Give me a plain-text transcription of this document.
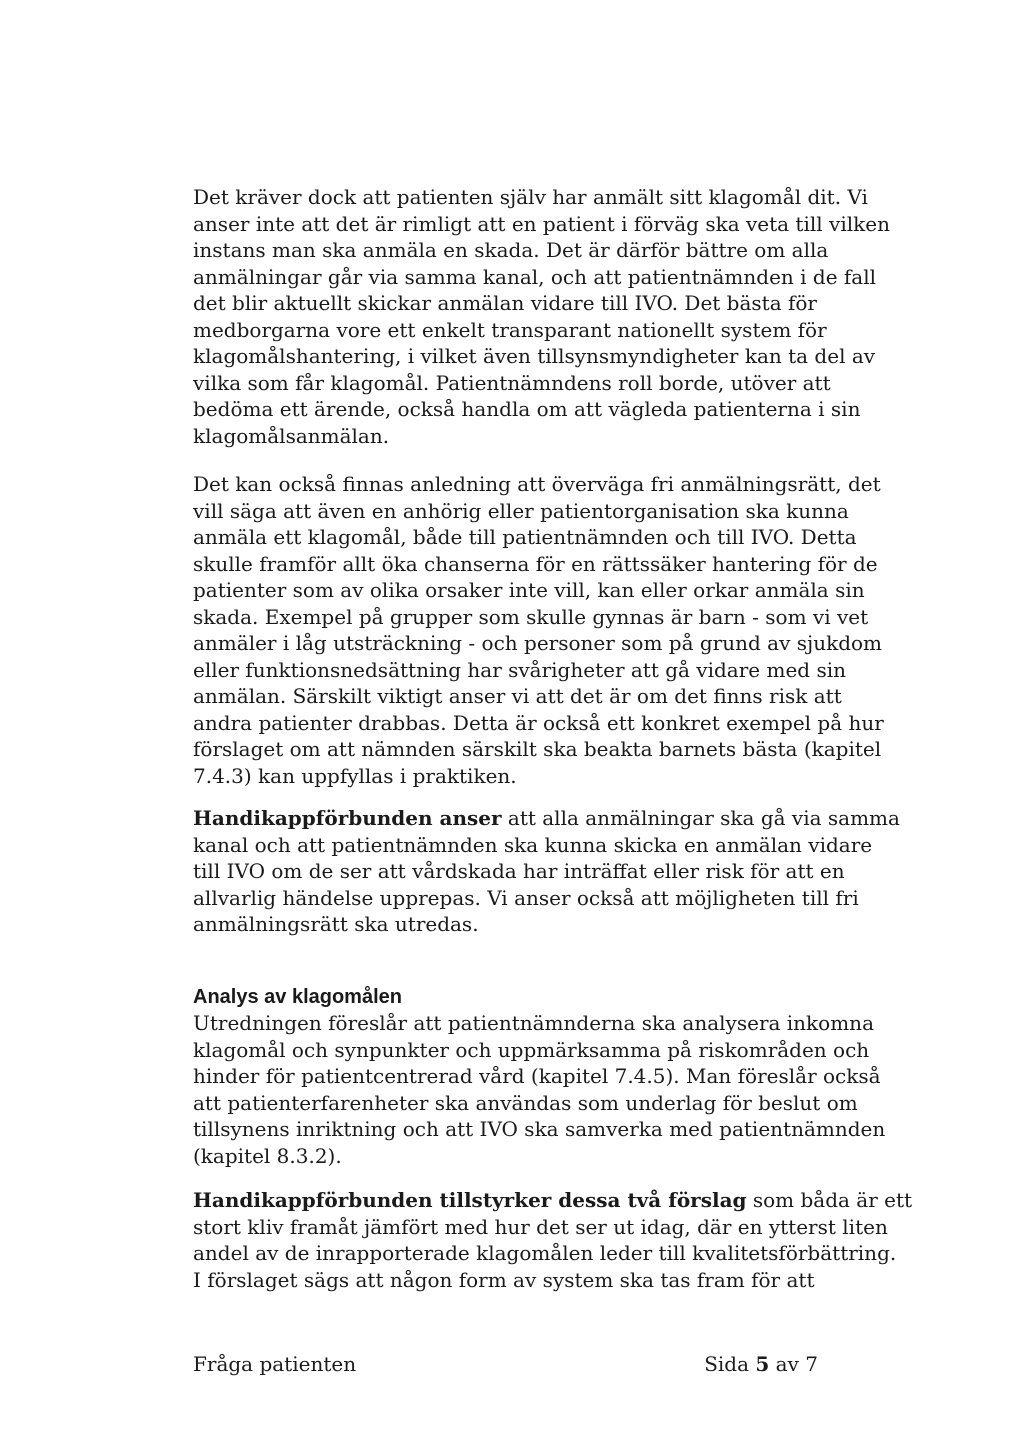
Det kräver dock att patienten själv har anmält sitt klagomål dit. Vi
anser inte att det är rimligt att en patient i förväg ska veta till vilken
instans man ska anmäla en skada. Det är därför bättre om alla
anmälningar går via samma kanal, och att patientnämnden i de fall
det blir aktuellt skickar anmälan vidare till IVO. Det bästa för
medborgarna vore ett enkelt transparant nationellt system för
klagomålshantering, i vilket även tillsynsmyndigheter kan ta del av
vilka som får klagomål. Patientnämndens roll borde, utöver att
bedöma ett ärende, också handla om att vägleda patienterna i sin
klagomålsanmälan.

Det kan också finnas anledning att överväga fri anmälningsrätt, det
vill säga att även en anhörig eller patientorganisation ska kunna
anmäla ett klagomål, både till patientnämnden och till IVO. Detta
skulle framför allt öka chanserna för en rättssäker hantering för de
patienter som av olika orsaker inte vill, kan eller orkar anmäla sin
skada. Exempel på grupper som skulle gynnas är barn - som vi vet
anmäler i låg utsträckning - och personer som på grund av sjukdom
eller funktionsnedsättning har svårigheter att gå vidare med sin
anmälan. Särskilt viktigt anser vi att det är om det finns risk att
andra patienter drabbas. Detta är också ett konkret exempel på hur
förslaget om att nämnden särskilt ska beakta barnets bästa (kapitel
7.4.3) kan uppfyllas i praktiken.

Handikappförbunden anser att alla anmälningar ska gå via samma
kanal och att patientnämnden ska kunna skicka en anmälan vidare
till IVO om de ser att vårdskada har inträffat eller risk för att en
allvarlig händelse upprepas. Vi anser också att möjligheten till fri
anmälningsrätt ska utredas.

Analys av klagomålen

Utredningen föreslår att patientnämnderna ska analysera inkomna
klagomål och synpunkter och uppmärksamma på riskområden och
hinder för patientcentrerad vård (kapitel 7.4.5). Man föreslår också
att patienterfarenheter ska användas som underlag för beslut om
tillsynens inriktning och att IVO ska samverka med patientnämnden
(kapitel 8.3.2).

Handikappförbunden tillstyrker dessa två förslag som båda är ett
stort kliv framåt jämfört med hur det ser ut idag, där en ytterst liten
andel av de inrapporterade klagomålen leder till kvalitetsförbättring.
I förslaget sägs att någon form av system ska tas fram för att

Fråga patienten	Sida 5 av 7
